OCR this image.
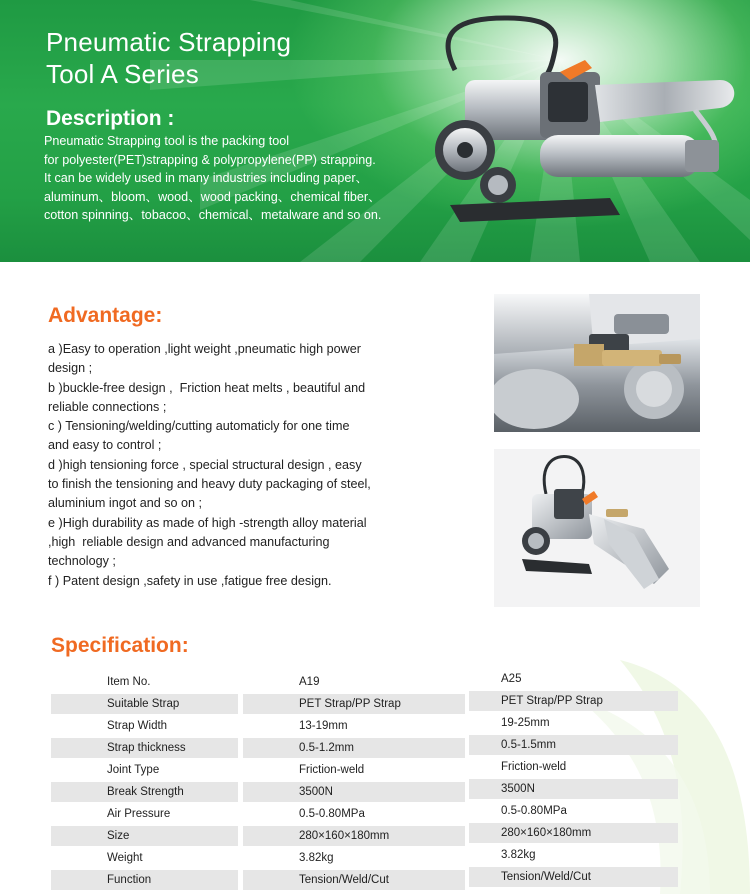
Pneumatic Strapping
Tool A Series
Description :
Pneumatic Strapping tool is the packing tool
for polyester(PET)strapping & polypropylene(PP) strapping.
It can be widely used in many industries including paper、
aluminum、bloom、wood、wood packing、chemical fiber、
cotton spinning、tobacoo、chemical、metalware and so on.
Advantage:
a )Easy to operation ,light weight ,pneumatic high power
design ;
b )buckle-free design ,  Friction heat melts , beautiful and
reliable connections ;
c ) Tensioning/welding/cutting automaticly for one time
and easy to control ;
d )high tensioning force , special structural design , easy
to finish the tensioning and heavy duty packaging of steel,
aluminium ingot and so on ;
e )High durability as made of high -strength alloy material
,high  reliable design and advanced manufacturing
technology ;
f ) Patent design ,safety in use ,fatigue free design.
Specification:
Item No.	A19	A25
Suitable Strap	PET Strap/PP Strap	PET Strap/PP Strap
Strap Width	13-19mm	19-25mm
Strap thickness	0.5-1.2mm	0.5-1.5mm
Joint Type	Friction-weld	Friction-weld
Break Strength	3500N	3500N
Air Pressure	0.5-0.80MPa	0.5-0.80MPa
Size	280×160×180mm	280×160×180mm
Weight	3.82kg	3.82kg
Function	Tension/Weld/Cut	Tension/Weld/Cut
